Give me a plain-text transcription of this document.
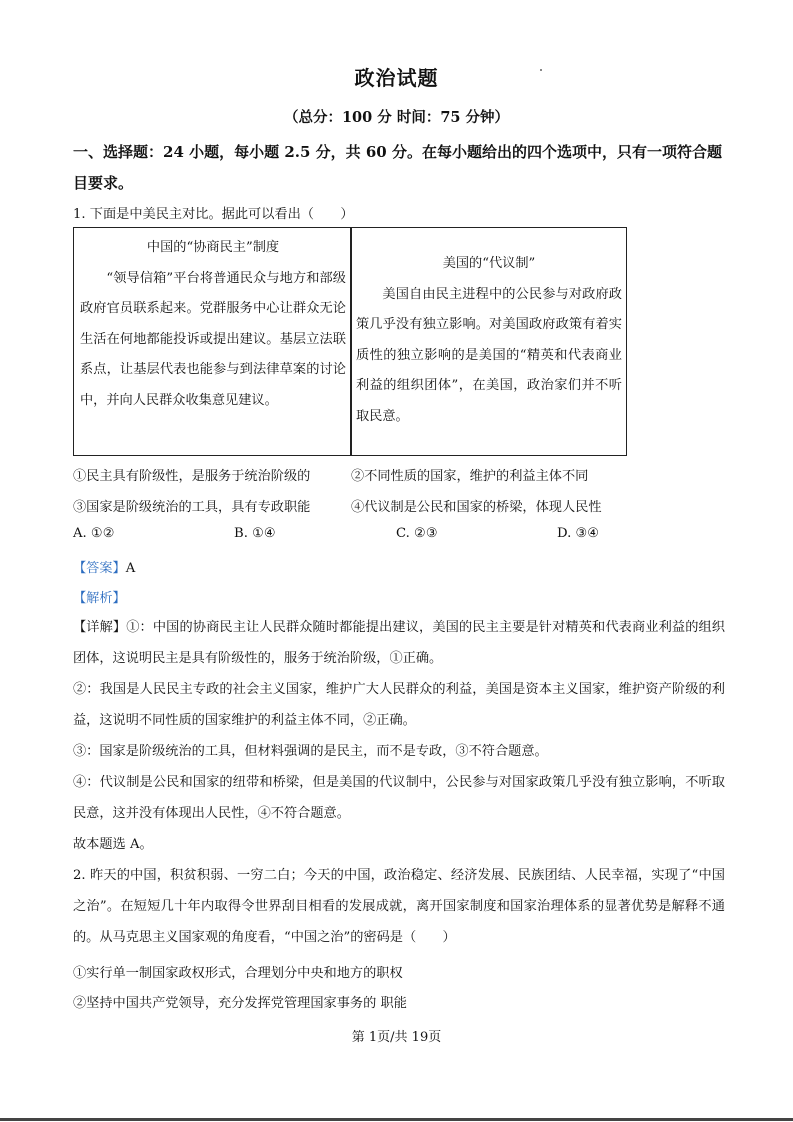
政治试题
（总分：100 分 时间：75 分钟）
一、选择题：24 小题，每小题 2.5 分，共 60 分。在每小题给出的四个选项中，只有一项符合题目要求。
1. 下面是中美民主对比。据此可以看出（　　）
中国的“协商民主”制度

“领导信箱”平台将普通民众与地方和部级政府官员联系起来。党群服务中心让群众无论生活在何地都能投诉或提出建议。基层立法联系点，让基层代表也能参与到法律草案的讨论中，并向人民群众收集意见建议。

美国的“代议制”

美国自由民主进程中的公民参与对政府政策几乎没有独立影响。对美国政府政策有着实质性的独立影响的是美国的“精英和代表商业利益的组织团体”，在美国，政治家们并不听取民意。

①民主具有阶级性，是服务于统治阶级的	②不同性质的国家，维护的利益主体不同
③国家是阶级统治的工具，具有专政职能	④代议制是公民和国家的桥梁，体现人民性
A. ①②	B. ①④	C. ②③	D. ③④
【答案】A
【解析】
【详解】①：中国的协商民主让人民群众随时都能提出建议，美国的民主主要是针对精英和代表商业利益的组织团体，这说明民主是具有阶级性的，服务于统治阶级，①正确。
②：我国是人民民主专政的社会主义国家，维护广大人民群众的利益，美国是资本主义国家，维护资产阶级的利益，这说明不同性质的国家维护的利益主体不同，②正确。
③：国家是阶级统治的工具，但材料强调的是民主，而不是专政，③不符合题意。
④：代议制是公民和国家的纽带和桥梁，但是美国的代议制中，公民参与对国家政策几乎没有独立影响，不听取民意，这并没有体现出人民性，④不符合题意。
故本题选 A。
2. 昨天的中国，积贫积弱、一穷二白；今天的中国，政治稳定、经济发展、民族团结、人民幸福，实现了“中国之治”。在短短几十年内取得令世界刮目相看的发展成就，离开国家制度和国家治理体系的显著优势是解释不通的。从马克思主义国家观的角度看，“中国之治”的密码是（　　）
①实行单一制国家政权形式，合理划分中央和地方的职权
②坚持中国共产党领导，充分发挥党管理国家事务的 职能
第 1页/共 19页
